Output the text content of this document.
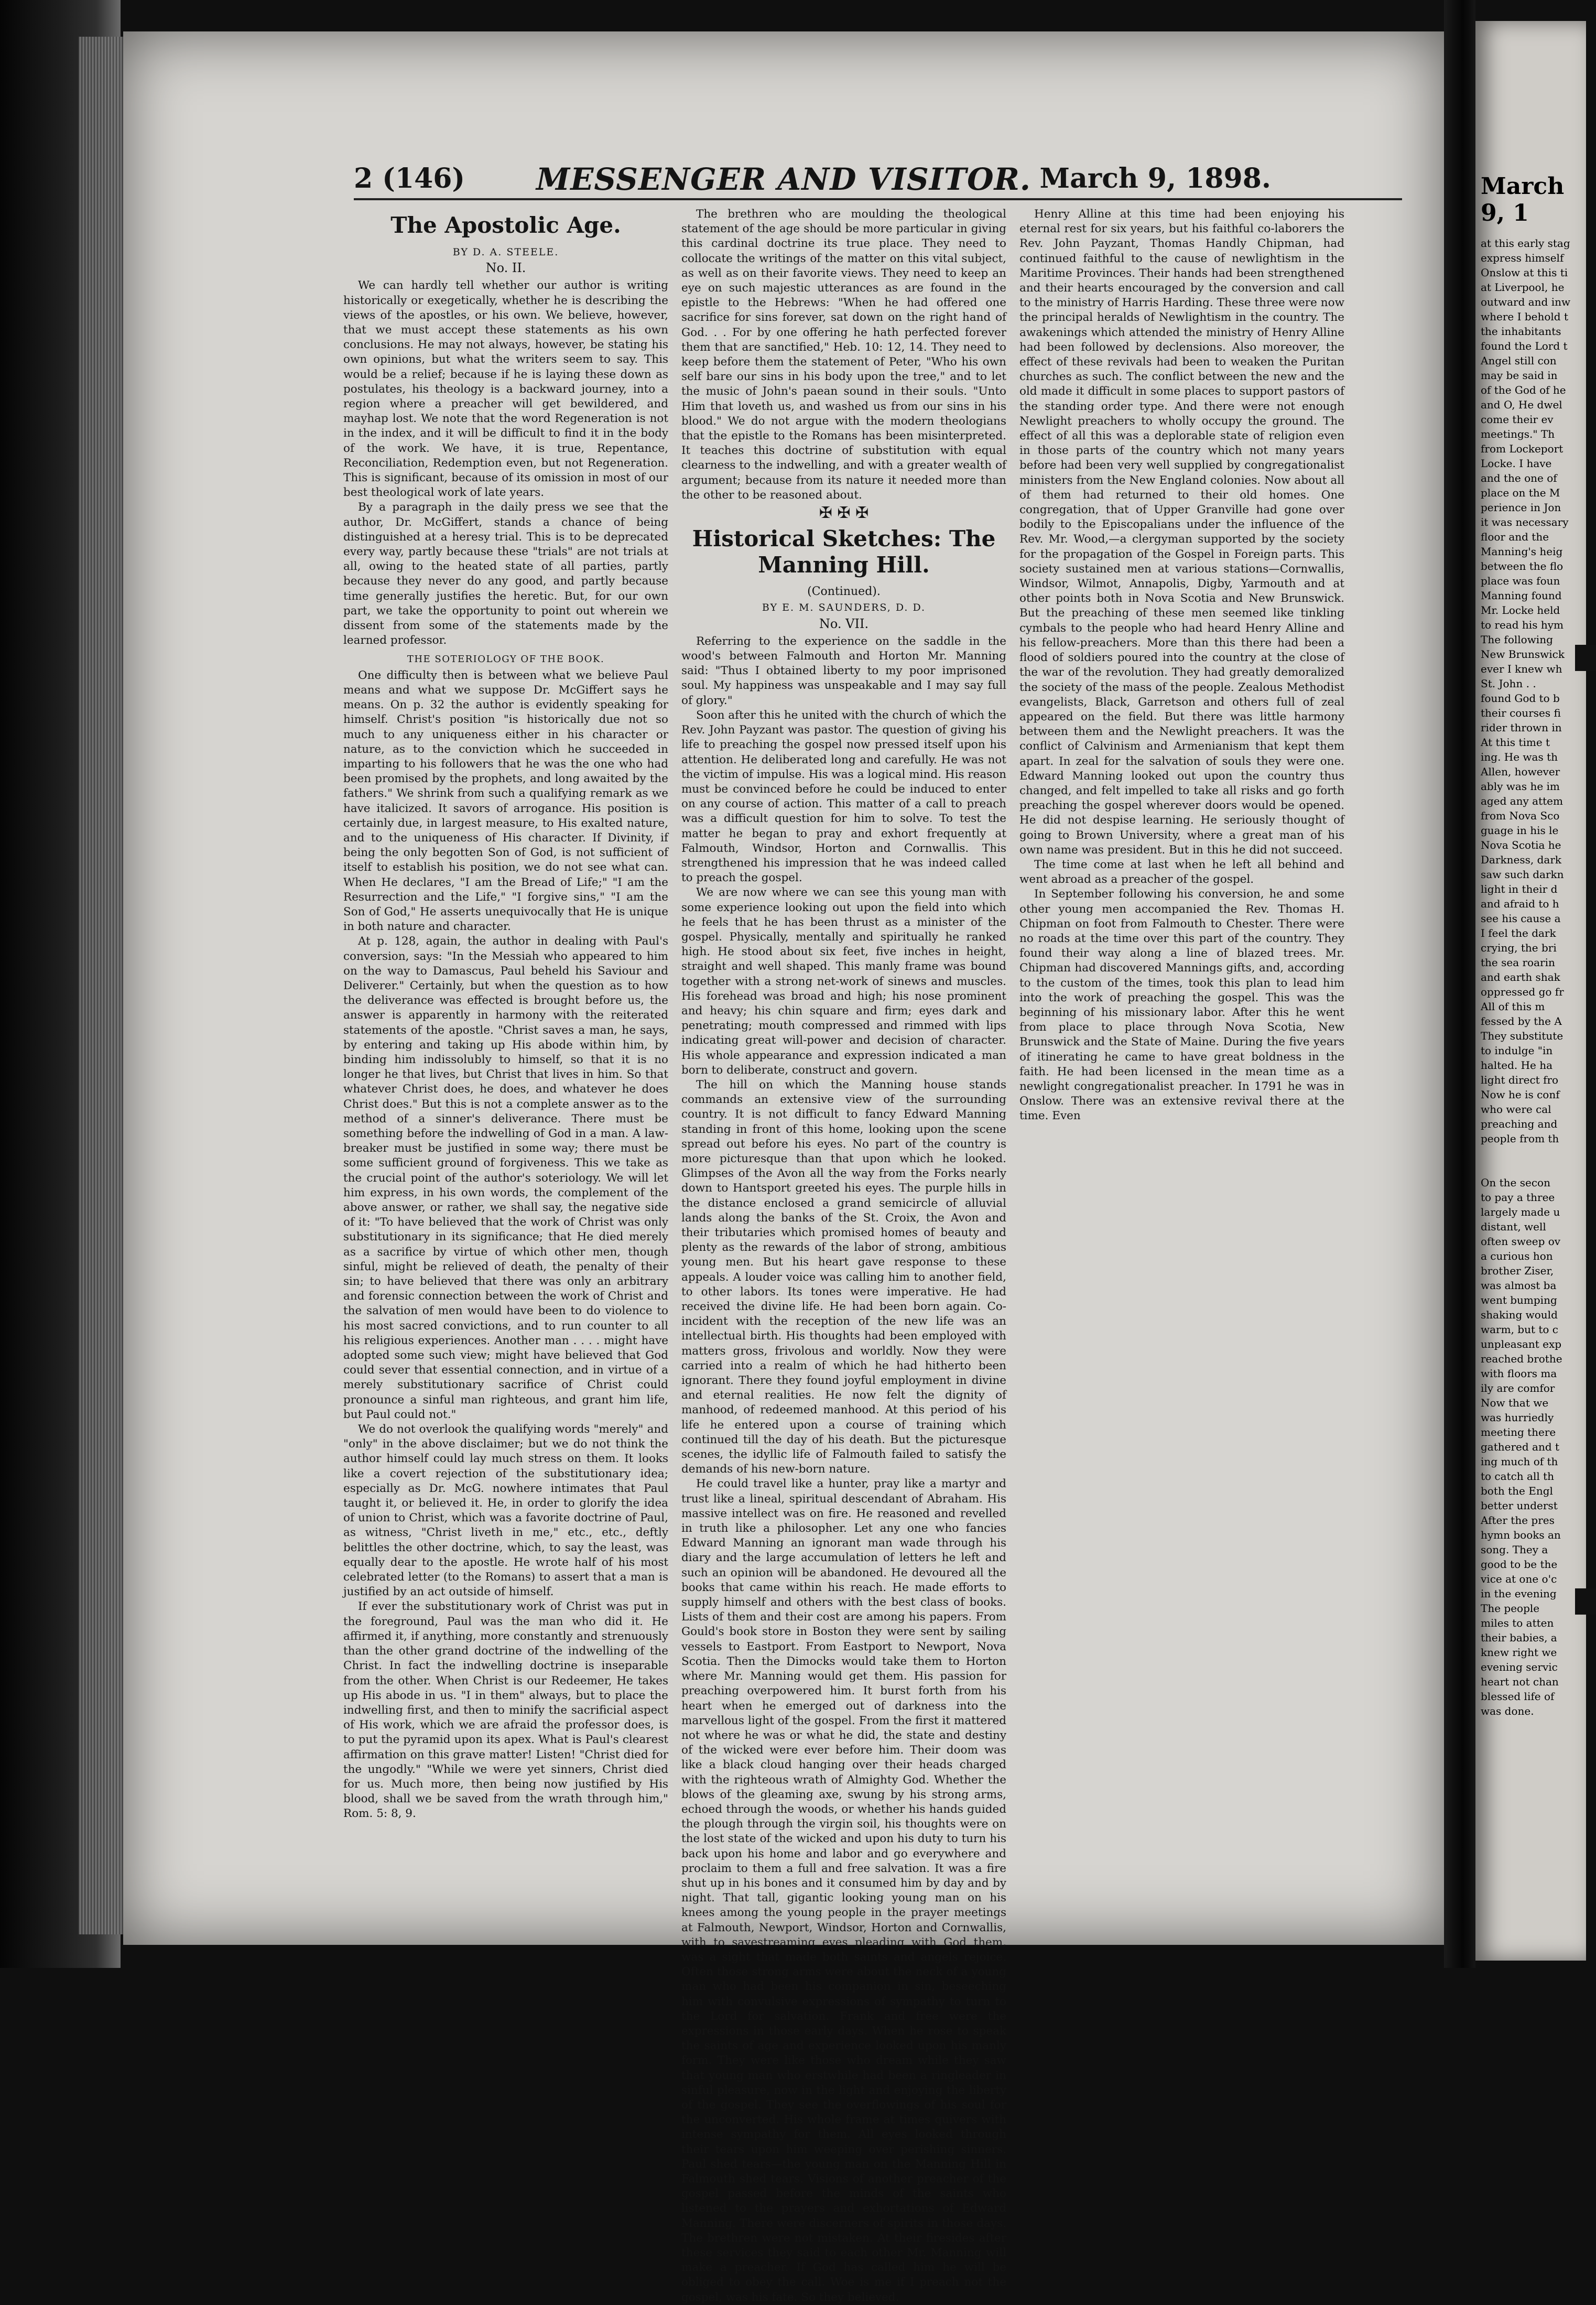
2 (146)	MESSENGER AND VISITOR. March 9, 1898.
The Apostolic Age.
BY D. A. STEELE.
No. II.

We can hardly tell whether our author is writing historically or exegetically, whether he is describing the views of the apostles, or his own. We believe, however, that we must accept these statements as his own conclusions. He may not always, however, be stating his own opinions, but what the writers seem to say. This would be a relief; because if he is laying these down as postulates, his theology is a backward journey, into a region where a preacher will get bewildered, and mayhap lost. We note that the word Regeneration is not in the index, and it will be difficult to find it in the body of the work. We have, it is true, Repentance, Reconciliation, Redemption even, but not Regeneration. This is significant, because of its omission in most of our best theological work of late years.

By a paragraph in the daily press we see that the author, Dr. McGiffert, stands a chance of being distinguished at a heresy trial. This is to be deprecated every way, partly because these "trials" are not trials at all, owing to the heated state of all parties, partly because they never do any good, and partly because time generally justifies the heretic. But, for our own part, we take the opportunity to point out wherein we dissent from some of the statements made by the learned professor.

THE SOTERIOLOGY OF THE BOOK.

One difficulty then is between what we believe Paul means and what we suppose Dr. McGiffert says he means. On p. 32 the author is evidently speaking for himself. Christ's position "is historically due not so much to any uniqueness either in his character or nature, as to the conviction which he succeeded in imparting to his followers that he was the one who had been promised by the prophets, and long awaited by the fathers." We shrink from such a qualifying remark as we have italicized. It savors of arrogance. His position is certainly due, in largest measure, to His exalted nature, and to the uniqueness of His character. If Divinity, if being the only begotten Son of God, is not sufficient of itself to establish his position, we do not see what can. When He declares, "I am the Bread of Life;" "I am the Resurrection and the Life," "I forgive sins," "I am the Son of God," He asserts unequivocally that He is unique in both nature and character.

At p. 128, again, the author in dealing with Paul's conversion, says: "In the Messiah who appeared to him on the way to Damascus, Paul beheld his Saviour and Deliverer." Certainly, but when the question as to how the deliverance was effected is brought before us, the answer is apparently in harmony with the reiterated statements of the apostle. "Christ saves a man, he says, by entering and taking up His abode within him, by binding him indissolubly to himself, so that it is no longer he that lives, but Christ that lives in him. So that whatever Christ does, he does, and whatever he does Christ does." But this is not a complete answer as to the method of a sinner's deliverance. There must be something before the indwelling of God in a man. A law-breaker must be justified in some way; there must be some sufficient ground of forgiveness. This we take as the crucial point of the author's soteriology. We will let him express, in his own words, the complement of the above answer, or rather, we shall say, the negative side of it: "To have believed that the work of Christ was only substitutionary in its significance; that He died merely as a sacrifice by virtue of which other men, though sinful, might be relieved of death, the penalty of their sin; to have believed that there was only an arbitrary and forensic connection between the work of Christ and the salvation of men would have been to do violence to his most sacred convictions, and to run counter to all his religious experiences. Another man . . . . might have adopted some such view; might have believed that God could sever that essential connection, and in virtue of a merely substitutionary sacrifice of Christ could pronounce a sinful man righteous, and grant him life, but Paul could not."

We do not overlook the qualifying words "merely" and "only" in the above disclaimer; but we do not think the author himself could lay much stress on them. It looks like a covert rejection of the substitutionary idea; especially as Dr. McG. nowhere intimates that Paul taught it, or believed it. He, in order to glorify the idea of union to Christ, which was a favorite doctrine of Paul, as witness, "Christ liveth in me," etc., etc., deftly belittles the other doctrine, which, to say the least, was equally dear to the apostle. He wrote half of his most celebrated letter (to the Romans) to assert that a man is justified by an act outside of himself.

If ever the substitutionary work of Christ was put in the foreground, Paul was the man who did it. He affirmed it, if anything, more constantly and strenuously than the other grand doctrine of the indwelling of the Christ. In fact the indwelling doctrine is inseparable from the other. When Christ is our Redeemer, He takes up His abode in us. "I in them" always, but to place the indwelling first, and then to minify the sacrificial aspect of His work, which we are afraid the professor does, is to put the pyramid upon its apex. What is Paul's clearest affirmation on this grave matter! Listen! "Christ died for the ungodly." "While we were yet sinners, Christ died for us. Much more, then being now justified by His blood, shall we be saved from the wrath through him," Rom. 5: 8, 9.

The brethren who are moulding the theological statement of the age should be more particular in giving this cardinal doctrine its true place. They need to collocate the writings of the matter on this vital subject, as well as on their favorite views. They need to keep an eye on such majestic utterances as are found in the epistle to the Hebrews: "When he had offered one sacrifice for sins forever, sat down on the right hand of God. . . For by one offering he hath perfected forever them that are sanctified," Heb. 10: 12, 14. They need to keep before them the statement of Peter, "Who his own self bare our sins in his body upon the tree," and to let the music of John's paean sound in their souls. "Unto Him that loveth us, and washed us from our sins in his blood." We do not argue with the modern theologians that the epistle to the Romans has been misinterpreted. It teaches this doctrine of substitution with equal clearness to the indwelling, and with a greater wealth of argument; because from its nature it needed more than the other to be reasoned about.

✠ ✠ ✠
Historical Sketches: The Manning Hill.
(Continued).
BY E. M. SAUNDERS, D. D.
No. VII.

Referring to the experience on the saddle in the wood's between Falmouth and Horton Mr. Manning said: "Thus I obtained liberty to my poor imprisoned soul. My happiness was unspeakable and I may say full of glory."

Soon after this he united with the church of which the Rev. John Payzant was pastor. The question of giving his life to preaching the gospel now pressed itself upon his attention. He deliberated long and carefully. He was not the victim of impulse. His was a logical mind. His reason must be convinced before he could be induced to enter on any course of action. This matter of a call to preach was a difficult question for him to solve. To test the matter he began to pray and exhort frequently at Falmouth, Windsor, Horton and Cornwallis. This strengthened his impression that he was indeed called to preach the gospel.

We are now where we can see this young man with some experience looking out upon the field into which he feels that he has been thrust as a minister of the gospel. Physically, mentally and spiritually he ranked high. He stood about six feet, five inches in height, straight and well shaped. This manly frame was bound together with a strong net-work of sinews and muscles. His forehead was broad and high; his nose prominent and heavy; his chin square and firm; eyes dark and penetrating; mouth compressed and rimmed with lips indicating great will-power and decision of character. His whole appearance and expression indicated a man born to deliberate, construct and govern.

The hill on which the Manning house stands commands an extensive view of the surrounding country. It is not difficult to fancy Edward Manning standing in front of this home, looking upon the scene spread out before his eyes. No part of the country is more picturesque than that upon which he looked. Glimpses of the Avon all the way from the Forks nearly down to Hantsport greeted his eyes. The purple hills in the distance enclosed a grand semicircle of alluvial lands along the banks of the St. Croix, the Avon and their tributaries which promised homes of beauty and plenty as the rewards of the labor of strong, ambitious young men. But his heart gave response to these appeals. A louder voice was calling him to another field, to other labors. Its tones were imperative. He had received the divine life. He had been born again. Co-incident with the reception of the new life was an intellectual birth. His thoughts had been employed with matters gross, frivolous and worldly. Now they were carried into a realm of which he had hitherto been ignorant. There they found joyful employment in divine and eternal realities. He now felt the dignity of manhood, of redeemed manhood. At this period of his life he entered upon a course of training which continued till the day of his death. But the picturesque scenes, the idyllic life of Falmouth failed to satisfy the demands of his new-born nature.

He could travel like a hunter, pray like a martyr and trust like a lineal, spiritual descendant of Abraham. His massive intellect was on fire. He reasoned and revelled in truth like a philosopher. Let any one who fancies Edward Manning an ignorant man wade through his diary and the large accumulation of letters he left and such an opinion will be abandoned. He devoured all the books that came within his reach. He made efforts to supply himself and others with the best class of books. Lists of them and their cost are among his papers. From Gould's book store in Boston they were sent by sailing vessels to Eastport. From Eastport to Newport, Nova Scotia. Then the Dimocks would take them to Horton where Mr. Manning would get them. His passion for preaching overpowered him. It burst forth from his heart when he emerged out of darkness into the marvellous light of the gospel. From the first it mattered not where he was or what he did, the state and destiny of the wicked were ever before him. Their doom was like a black cloud hanging over their heads charged with the righteous wrath of Almighty God. Whether the blows of the gleaming axe, swung by his strong arms, echoed through the woods, or whether his hands guided the plough through the virgin soil, his thoughts were on the lost state of the wicked and upon his duty to turn his back upon his home and labor and go everywhere and proclaim to them a full and free salvation. It was a fire shut up in his bones and it consumed him by day and by night. That tall, gigantic looking young man on his knees among the young people in the prayer meetings at Falmouth, Newport, Windsor, Horton and Cornwallis, with to savestreaming eyes pleading with God them, was a sight that made both saints and angels rejoice. Often those strong arms were about the neck of a young man who had been his companion in sin, beseeching him with convulsive expressions of sympathy to turn to the Lord for salvation. Frank and free were the expressions in those early days. When he rose to speak the saints of age and experience looked upon his manly form. They were like those who dream while they saw that young man who erstwhile had been a ringleader in sinful pleasure, now in the light and enjoying the liberty of the gospel. They see the overflowings of his soul for the unconverted. His whole frame at times quivers with intense sympathy for them. All eyes looked through their tears upon him weeping over perishing sinners. Paul shed tears—the young man on the Manning Hill in Falmouth shed tears. Visions of another preacher of the gospel passed before the minds of the saints who listened to the prayers and exhortations of Edward Manning. There were discerners of spirits in those days. The brethren were not mistaken. At their firesides after these services they said to each other Mr. Manning will make a preacher. If God has called him he will be obliged to obey the call. Woe is me if I preach not the gospel, was his fate. So they believed.

Henry Alline at this time had been enjoying his eternal rest for six years, but his faithful co-laborers the Rev. John Payzant, Thomas Handly Chipman, had continued faithful to the cause of newlightism in the Maritime Provinces. Their hands had been strengthened and their hearts encouraged by the conversion and call to the ministry of Harris Harding. These three were now the principal heralds of Newlightism in the country. The awakenings which attended the ministry of Henry Alline had been followed by declensions. Also moreover, the effect of these revivals had been to weaken the Puritan churches as such. The conflict between the new and the old made it difficult in some places to support pastors of the standing order type. And there were not enough Newlight preachers to wholly occupy the ground. The effect of all this was a deplorable state of religion even in those parts of the country which not many years before had been very well supplied by congregationalist ministers from the New England colonies. Now about all of them had returned to their old homes. One congregation, that of Upper Granville had gone over bodily to the Episcopalians under the influence of the Rev. Mr. Wood,—a clergyman supported by the society for the propagation of the Gospel in Foreign parts. This society sustained men at various stations—Cornwallis, Windsor, Wilmot, Annapolis, Digby, Yarmouth and at other points both in Nova Scotia and New Brunswick. But the preaching of these men seemed like tinkling cymbals to the people who had heard Henry Alline and his fellow-preachers. More than this there had been a flood of soldiers poured into the country at the close of the war of the revolution. They had greatly demoralized the society of the mass of the people. Zealous Methodist evangelists, Black, Garretson and others full of zeal appeared on the field. But there was little harmony between them and the Newlight preachers. It was the conflict of Calvinism and Armenianism that kept them apart. In zeal for the salvation of souls they were one. Edward Manning looked out upon the country thus changed, and felt impelled to take all risks and go forth preaching the gospel wherever doors would be opened. He did not despise learning. He seriously thought of going to Brown University, where a great man of his own name was president. But in this he did not succeed.

The time come at last when he left all behind and went abroad as a preacher of the gospel.

In September following his conversion, he and some other young men accompanied the Rev. Thomas H. Chipman on foot from Falmouth to Chester. There were no roads at the time over this part of the country. They found their way along a line of blazed trees. Mr. Chipman had discovered Mannings gifts, and, according to the custom of the times, took this plan to lead him into the work of preaching the gospel. This was the beginning of his missionary labor. After this he went from place to place through Nova Scotia, New Brunswick and the State of Maine. During the five years of itinerating he came to have great boldness in the faith. He had been licensed in the mean time as a newlight congregationalist preacher. In 1791 he was in Onslow. There was an extensive revival there at the time. Even

March 9, 1
at this early stag
express himself
Onslow at this ti
at Liverpool, he
outward and inw
where I behold t
the inhabitants
found the Lord t
Angel still con
may be said in
of the God of he
and O, He dwel
come their ev
meetings." Th
from Lockeport
Locke. I have
and the one of
place on the M
perience in Jon
it was necessary
floor and the
Manning's heig
between the flo
place was foun
Manning found
Mr. Locke held
to read his hym
The following
New Brunswick
ever I knew wh
St. John . .
found God to b
their courses fi
rider thrown in
At this time t
ing. He was th
Allen, however
ably was he im
aged any attem
from Nova Sco
guage in his le
Nova Scotia he
Darkness, dark
saw such darkn
light in their d
and afraid to h
see his cause a
I feel the dark
crying, the bri
the sea roarin
and earth shak
oppressed go fr
All of this m
fessed by the A
They substitute
to indulge "in
halted. He ha
light direct fro
Now he is conf
who were cal
preaching and
people from th

On the secon
to pay a three
largely made u
distant, well
often sweep ov
a curious hon
brother Ziser,
was almost ba
went bumping
shaking would
warm, but to c
unpleasant exp
reached brothe
with floors ma
ily are comfor
Now that we
was hurriedly
meeting there
gathered and t
ing much of th
to catch all th
both the Engl
better underst
After the pres
hymn books an
song. They a
good to be the
vice at one o'c
in the evening
The people
miles to atten
their babies, a
knew right we
evening servic
heart not chan
blessed life of
was done.
